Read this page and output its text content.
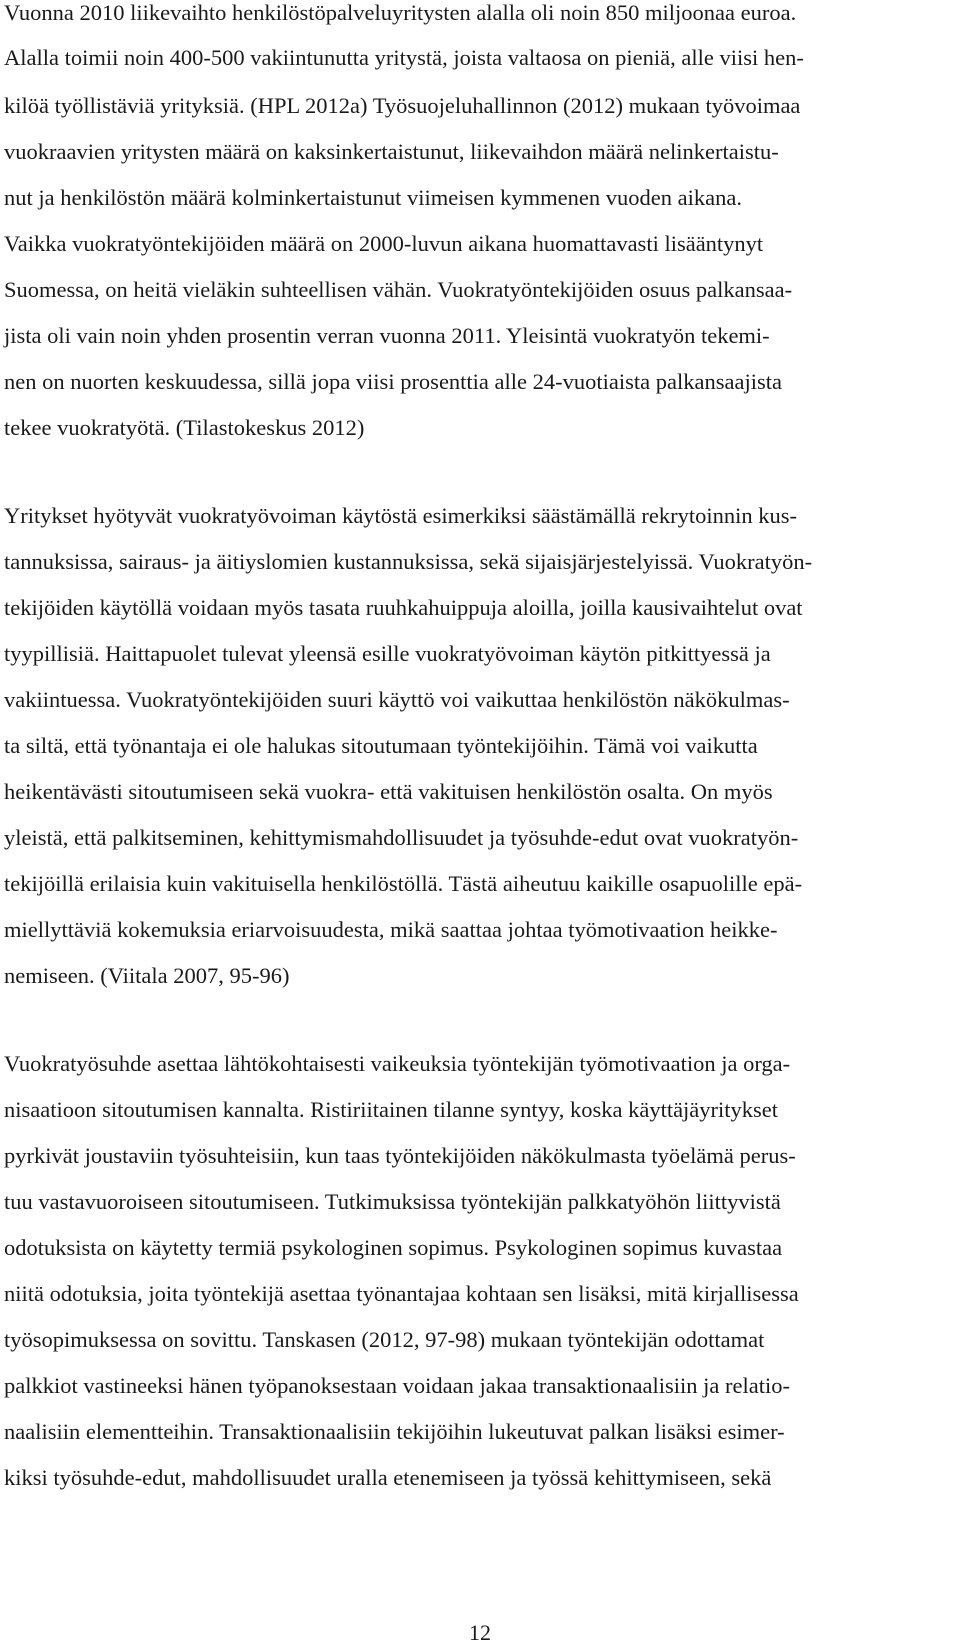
Vuonna 2010 liikevaihto henkilöstöpalveluyritysten alalla oli noin 850 miljoonaa euroa.
Alalla toimii noin 400-500 vakiintunutta yritystä, joista valtaosa on pieniä, alle viisi hen-
kilöä työllistäviä yrityksiä. (HPL 2012a) Työsuojeluhallinnon (2012) mukaan työvoimaa
vuokraavien yritysten määrä on kaksinkertaistunut, liikevaihdon määrä nelinkertaistu-
nut ja henkilöstön määrä kolminkertaistunut viimeisen kymmenen vuoden aikana.
Vaikka vuokratyöntekijöiden määrä on 2000-luvun aikana huomattavasti lisääntynyt
Suomessa, on heitä vieläkin suhteellisen vähän. Vuokratyöntekijöiden osuus palkansaa-
jista oli vain noin yhden prosentin verran vuonna 2011. Yleisintä vuokratyön tekemi-
nen on nuorten keskuudessa, sillä jopa viisi prosenttia alle 24-vuotiaista palkansaajista
tekee vuokratyötä. (Tilastokeskus 2012)
Yritykset hyötyvät vuokratyövoiman käytöstä esimerkiksi säästämällä rekrytoinnin kus-
tannuksissa, sairaus- ja äitiyslomien kustannuksissa, sekä sijaisjärjestelyissä. Vuokratyön-
tekijöiden käytöllä voidaan myös tasata ruuhkahuippuja aloilla, joilla kausivaihtelut ovat
tyypillisiä. Haittapuolet tulevat yleensä esille vuokratyövoiman käytön pitkittyessä ja
vakiintuessa. Vuokratyöntekijöiden suuri käyttö voi vaikuttaa henkilöstön näkökulmas-
ta siltä, että työnantaja ei ole halukas sitoutumaan työntekijöihin. Tämä voi vaikutta
heikentävästi sitoutumiseen sekä vuokra- että vakituisen henkilöstön osalta. On myös
yleistä, että palkitseminen, kehittymismahdollisuudet ja työsuhde-edut ovat vuokratyön-
tekijöillä erilaisia kuin vakituisella henkilöstöllä. Tästä aiheutuu kaikille osapuolille epä-
miellyttäviä kokemuksia eriarvoisuudesta, mikä saattaa johtaa työmotivaation heikke-
nemiseen. (Viitala 2007, 95-96)
Vuokratyösuhde asettaa lähtökohtaisesti vaikeuksia työntekijän työmotivaation ja orga-
nisaatioon sitoutumisen kannalta. Ristiriitainen tilanne syntyy, koska käyttäjäyritykset
pyrkivät joustaviin työsuhteisiin, kun taas työntekijöiden näkökulmasta työelämä perus-
tuu vastavuoroiseen sitoutumiseen. Tutkimuksissa työntekijän palkkatyöhön liittyvistä
odotuksista on käytetty termiä psykologinen sopimus. Psykologinen sopimus kuvastaa
niitä odotuksia, joita työntekijä asettaa työnantajaa kohtaan sen lisäksi, mitä kirjallisessa
työsopimuksessa on sovittu. Tanskasen (2012, 97-98) mukaan työntekijän odottamat
palkkiot vastineeksi hänen työpanoksestaan voidaan jakaa transaktionaalisiin ja relatio-
naalisiin elementteihin. Transaktionaalisiin tekijöihin lukeutuvat palkan lisäksi esimer-
kiksi työsuhde-edut, mahdollisuudet uralla etenemiseen ja työssä kehittymiseen, sekä
12
